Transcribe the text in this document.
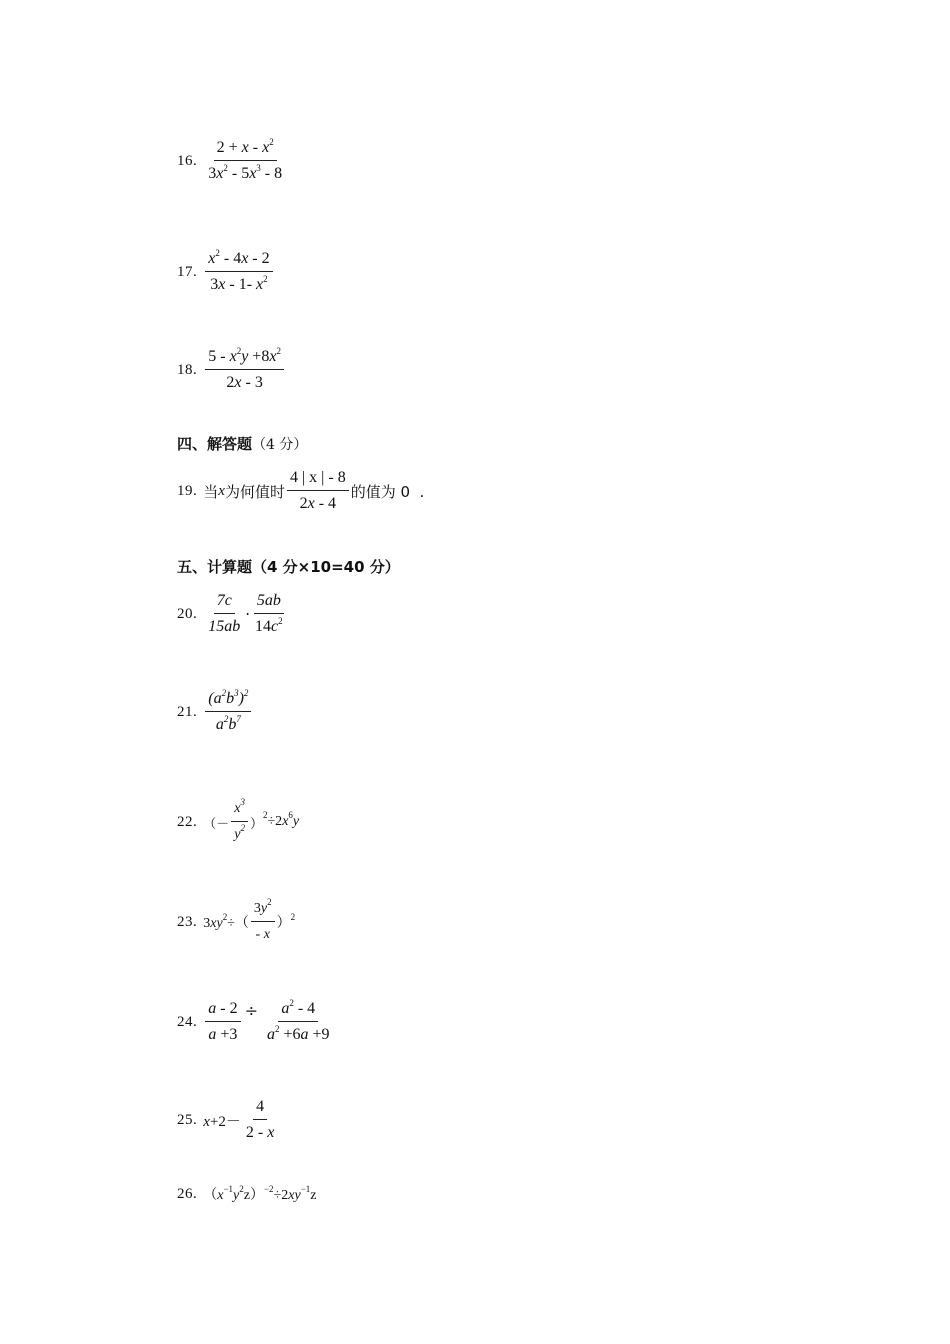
16. $\frac{2 + x - x^2}{3x^2 - 5x^3 - 8}$
17. $\frac{x^2 - 4x - 2}{3x - 1- x^2}$
18. $\frac{5 - x^2y +8x^2}{2x - 3}$
四、解答题（4 分）
19. 当 x 为何值时 $\frac{4 | x | - 8}{2x - 4}$ 的值为 0  .
五、计算题（4 分×10=40 分）
20. $\frac{7c}{15ab} \cdot \frac{5ab}{14c^2}$
21. $\frac{(a^2b^3)^2}{a^2b^7}$
22. （－ $\frac{x^3}{y^2}$ ）
$^2\div 2x^6y$
23. $3xy^2\div( \frac{3y^2}{- x} )^2$
24. $\frac{a - 2}{a +3} \div \frac{a^2 - 4}{a^2 +6a +9}$
25. $x+2- \frac{4}{2 - x}$
26. $(x^{-1}y^2z)^{-2}\div 2xy^{-1}z$
